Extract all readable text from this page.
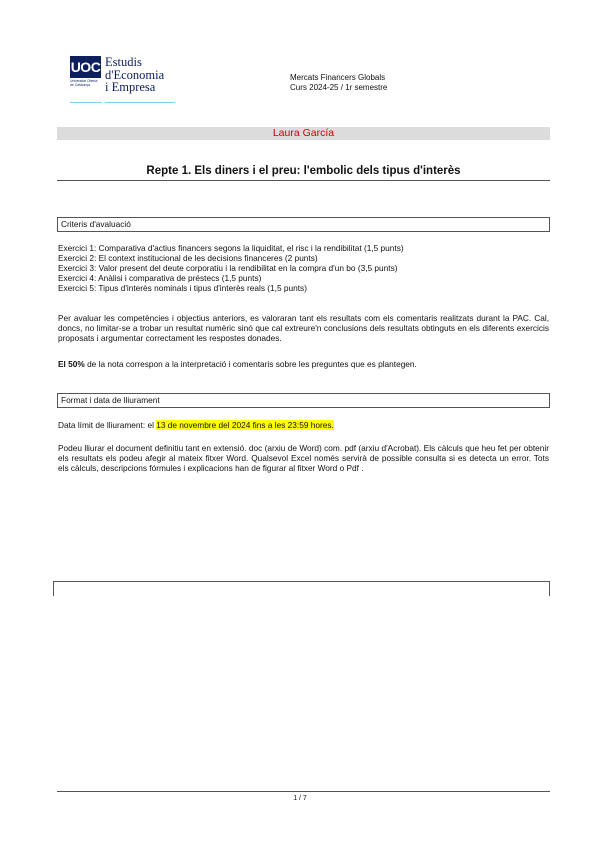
UOC
Universitat Oberta de Catalunya
Estudis
d'Economia
i Empresa
Mercats Financers Globals
Curs 2024-25 / 1r semestre
Laura García
Repte 1. Els diners i el preu: l'embolic dels tipus d'interès
Criteris d'avaluació
Exercici 1: Comparativa d'actius financers segons la liquiditat, el risc i la rendibilitat (1,5 punts)
Exercici 2: El context institucional de les decisions financeres (2 punts)
Exercici 3: Valor present del deute corporatiu i la rendibilitat en la compra d'un bo (3,5 punts)
Exercici 4: Anàlisi i comparativa de préstecs (1,5 punts)
Exercici 5: Tipus d'interès nominals i tipus d'interès reals (1,5 punts)
Per avaluar les competències i objectius anteriors, es valoraran tant els resultats com els comentaris realitzats durant la PAC. Cal, doncs, no limitar-se a trobar un resultat numèric sinó que cal extreure'n conclusions dels resultats obtinguts en els diferents exercicis proposats i argumentar correctament les respostes donades.
El 50% de la nota correspon a la interpretació i comentaris sobre les preguntes que es plantegen.
Format i data de lliurament
Data límit de lliurament: el 13 de novembre del 2024 fins a les 23:59 hores.
Podeu lliurar el document definitiu tant en extensió. doc (arxiu de Word) com. pdf (arxiu d'Acrobat). Els càlculs que heu fet per obtenir els resultats els podeu afegir al mateix fitxer Word. Qualsevol Excel només servirà de possible consulta si es detecta un error. Tots els càlculs, descripcions fórmules i explicacions han de figurar al fitxer Word o Pdf .
1 / 7
